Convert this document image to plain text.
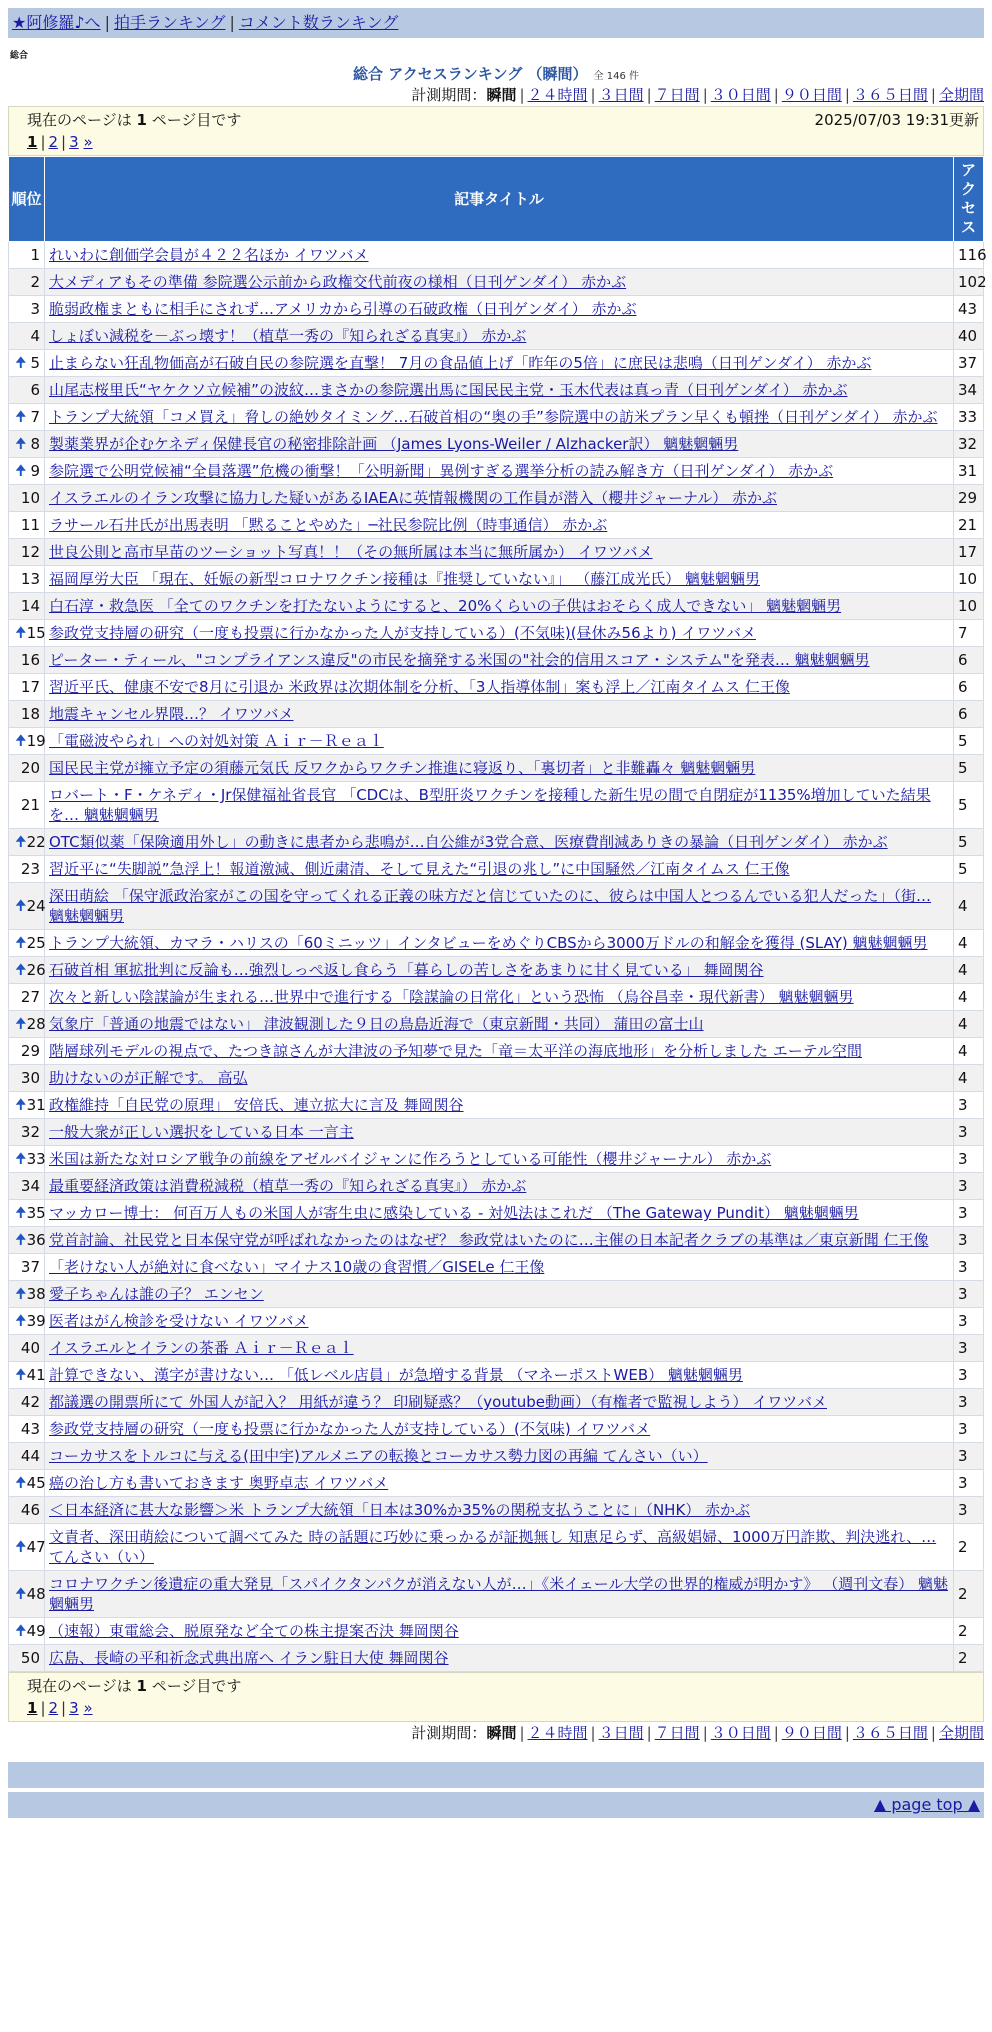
★阿修羅♪へ | 拍手ランキング | コメント数ランキング
総合
総合 アクセスランキング （瞬間） 全 146 件
計測期間：瞬間 | ２４時間 | ３日間 | ７日間 | ３０日間 | ９０日間 | ３６５日間 | 全期間
現在のページは 1 ページ目です	2025/07/03 19:31更新
1 | 2 | 3 »
順位	記事タイトル	アクセス
1	れいわに創価学会員が４２２名ほか イワツバメ	116
2	大メディアもその準備 参院選公示前から政権交代前夜の様相（日刊ゲンダイ） 赤かぶ	102
3	脆弱政権まともに相手にされず…アメリカから引導の石破政権（日刊ゲンダイ） 赤かぶ	43
4	しょぼい減税を－ぶっ壊す！（植草一秀の『知られざる真実』） 赤かぶ	40

🠉 5	止まらない狂乱物価高が石破自民の参院選を直撃！ 7月の食品値上げ「昨年の5倍」に庶民は悲鳴（日刊ゲンダイ） 赤かぶ	37
6	山尾志桜里氏“ヤケクソ立候補”の波紋…まさかの参院選出馬に国民民主党・玉木代表は真っ青（日刊ゲンダイ） 赤かぶ	34

🠉 7	トランプ大統領「コメ買え」脅しの絶妙タイミング…石破首相の“奥の手”参院選中の訪米プラン早くも頓挫（日刊ゲンダイ） 赤かぶ	33

🠉 8	製薬業界が企むケネディ保健長官の秘密排除計画 （James Lyons-Weiler / Alzhacker訳） 魑魅魍魎男	32

🠉 9	参院選で公明党候補“全員落選”危機の衝撃！「公明新聞」異例すぎる選挙分析の読み解き方（日刊ゲンダイ） 赤かぶ	31
10	イスラエルのイラン攻撃に協力した疑いがあるIAEAに英情報機関の工作員が潜入（櫻井ジャーナル） 赤かぶ	29
11	ラサール石井氏が出馬表明 「黙ることやめた」─社民参院比例（時事通信） 赤かぶ	21
12	世良公則と高市早苗のツーショット写真！！（その無所属は本当に無所属か） イワツバメ	17
13	福岡厚労大臣 「現在、妊娠の新型コロナワクチン接種は『推奨していない』」 （藤江成光氏） 魑魅魍魎男	10
14	白石淳・救急医 「全てのワクチンを打たないようにすると、20%くらいの子供はおそらく成人できない」 魑魅魍魎男	10

🠉 15	参政党支持層の研究（一度も投票に行かなかった人が支持している）(不気味)(昼休み56より) イワツバメ	7
16	ピーター・ティール、"コンプライアンス違反"の市民を摘発する米国の"社会的信用スコア・システム"を発表… 魑魅魍魎男	6
17	習近平氏、健康不安で8月に引退か 米政界は次期体制を分析、「3人指導体制」案も浮上／江南タイムス 仁王像	6
18	地震キャンセル界隈…？ イワツバメ	6

🠉 19	「電磁波やられ」への対処対策 Ａｉｒ－Ｒｅａｌ	5
20	国民民主党が擁立予定の須藤元気氏 反ワクからワクチン推進に寝返り、「裏切者」と非難轟々 魑魅魍魎男	5
21	ロバート・F・ケネディ・Jr保健福祉省長官 「CDCは、B型肝炎ワクチンを接種した新生児の間で自閉症が1135%増加していた結果を… 魑魅魍魎男	5

🠉 22	OTC類似薬「保険適用外し」の動きに患者から悲鳴が…自公維が3党合意、医療費削減ありきの暴論（日刊ゲンダイ） 赤かぶ	5
23	習近平に“失脚説”急浮上！報道激減、側近粛清、そして見えた“引退の兆し”に中国騒然／江南タイムス 仁王像	5

🠉 24	深田萌絵 「保守派政治家がこの国を守ってくれる正義の味方だと信じていたのに、彼らは中国人とつるんでいる犯人だった」（街… 魑魅魍魎男	4

🠉 25	トランプ大統領、カマラ・ハリスの「60ミニッツ」インタビューをめぐりCBSから3000万ドルの和解金を獲得 (SLAY) 魑魅魍魎男	4

🠉 26	石破首相 軍拡批判に反論も…強烈しっぺ返し食らう「暮らしの苦しさをあまりに甘く見ている」 舞岡関谷	4
27	次々と新しい陰謀論が生まれる…世界中で進行する「陰謀論の日常化」という恐怖 （烏谷昌幸・現代新書） 魑魅魍魎男	4

🠉 28	気象庁「普通の地震ではない」 津波観測した９日の鳥島近海で（東京新聞・共同） 蒲田の富士山	4
29	階層球列モデルの視点で、たつき諒さんが大津波の予知夢で見た「竜＝太平洋の海底地形」を分析しました エーテル空間	4
30	助けないのが正解です。 高弘	4

🠉 31	政権維持「自民党の原理」 安倍氏、連立拡大に言及 舞岡関谷	3
32	一般大衆が正しい選択をしている日本 一言主	3

🠉 33	米国は新たな対ロシア戦争の前線をアゼルバイジャンに作ろうとしている可能性（櫻井ジャーナル） 赤かぶ	3
34	最重要経済政策は消費税減税（植草一秀の『知られざる真実』） 赤かぶ	3

🠉 35	マッカロー博士： 何百万人もの米国人が寄生虫に感染している - 対処法はこれだ （The Gateway Pundit） 魑魅魍魎男	3

🠉 36	党首討論、社民党と日本保守党が呼ばれなかったのはなぜ？ 参政党はいたのに…主催の日本記者クラブの基準は／東京新聞 仁王像	3
37	「老けない人が絶対に食べない」マイナス10歳の食習慣／GISELe 仁王像	3

🠉 38	愛子ちゃんは誰の子？ エンセン	3

🠉 39	医者はがん検診を受けない イワツバメ	3
40	イスラエルとイランの茶番 Ａｉｒ－Ｒｅａｌ	3

🠉 41	計算できない、漢字が書けない… 「低レベル店員」が急増する背景 （マネーポストWEB） 魑魅魍魎男	3
42	都議選の開票所にて 外国人が記入？ 用紙が違う？ 印刷疑惑？（youtube動画）（有権者で監視しよう） イワツバメ	3
43	参政党支持層の研究（一度も投票に行かなかった人が支持している）(不気味) イワツバメ	3
44	コーカサスをトルコに与える(田中宇)アルメニアの転換とコーカサス勢力図の再編 てんさい（い）	3

🠉 45	癌の治し方も書いておきます 奥野卓志 イワツバメ	3
46	＜日本経済に甚大な影響＞米 トランプ大統領「日本は30%か35%の関税支払うことに」（NHK） 赤かぶ	3

🠉 47	文責者、深田萌絵について調べてみた 時の話題に巧妙に乗っかるが証拠無し 知恵足らず、高級娼婦、1000万円詐欺、判決逃れ、… てんさい（い）	2

🠉 48	コロナワクチン後遺症の重大発見「スパイクタンパクが消えない人が…」《米イェール大学の世界的権威が明かす》 （週刊文春） 魑魅魍魎男	2

🠉 49	（速報）東電総会、脱原発など全ての株主提案否決 舞岡関谷	2
50	広島、長崎の平和祈念式典出席へ イラン駐日大使 舞岡関谷	2
現在のページは 1 ページ目です
1 | 2 | 3 »
計測期間：瞬間 | ２４時間 | ３日間 | ７日間 | ３０日間 | ９０日間 | ３６５日間 | 全期間
▲ page top ▲
